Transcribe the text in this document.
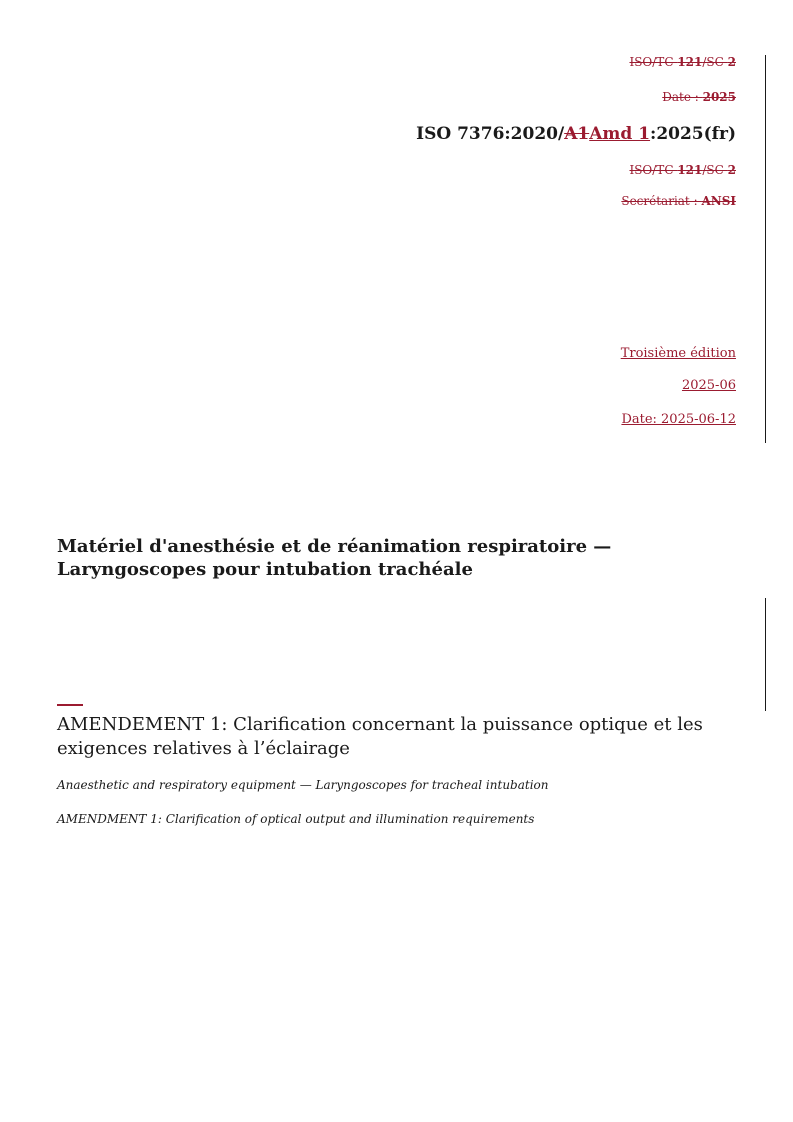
ISO/TC 121/SC 2
Date : 2025
ISO 7376:2020/A1Amd 1:2025(fr)
ISO/TC 121/SC 2
Secrétariat : ANSI
Troisième édition
2025-06
Date: 2025-06-12
Matériel d'anesthésie et de réanimation respiratoire —
Laryngoscopes pour intubation trachéale
AMENDEMENT 1: Clarification concernant la puissance optique et les exigences relatives à l’éclairage
Anaesthetic and respiratory equipment — Laryngoscopes for tracheal intubation
AMENDMENT 1: Clarification of optical output and illumination requirements
